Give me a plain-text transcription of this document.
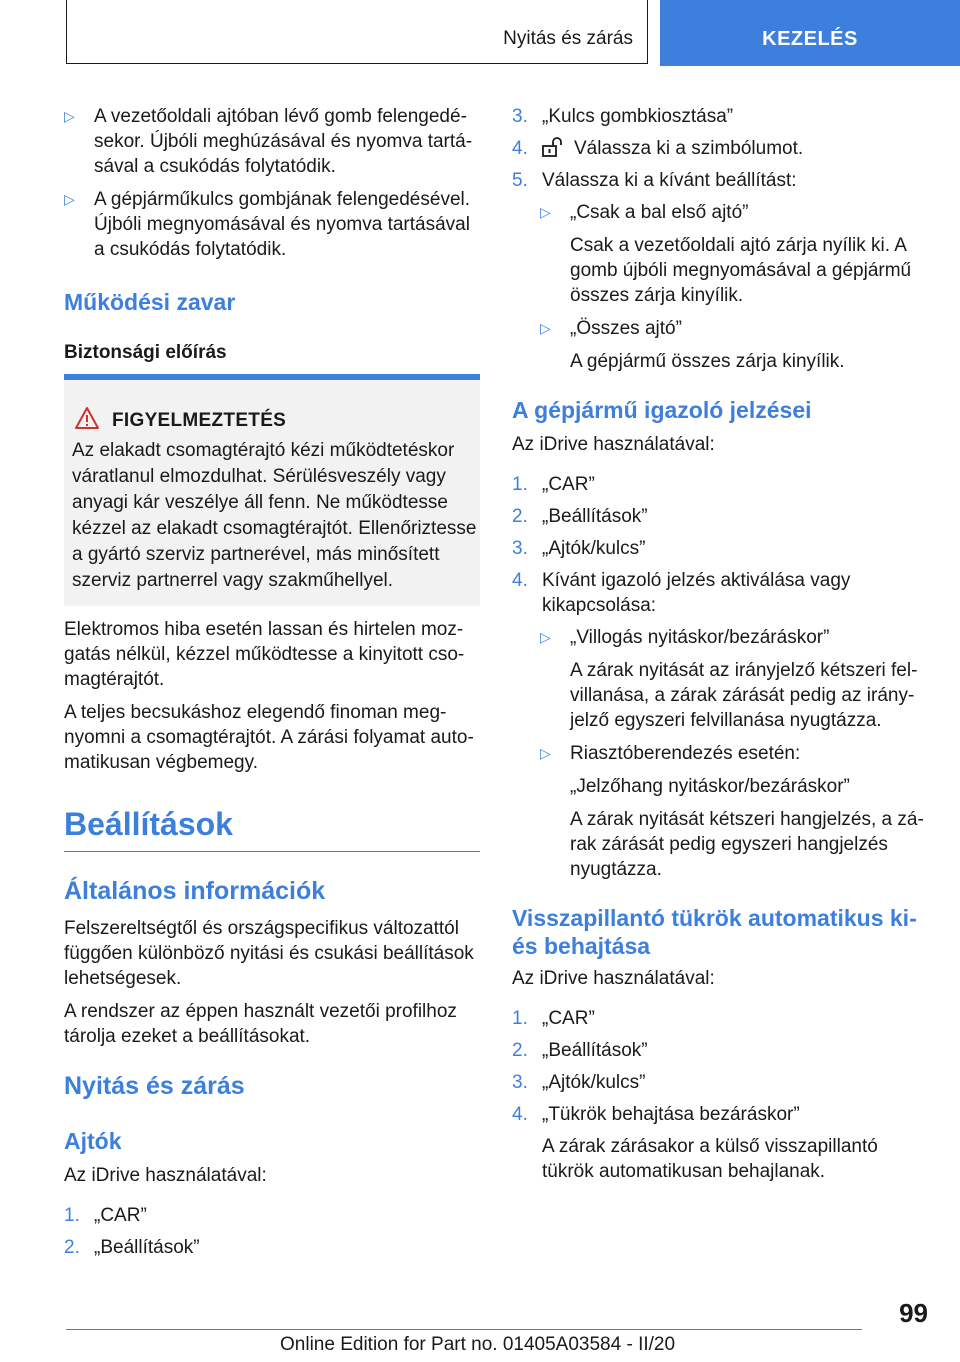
Nyitás és zárás	KEZELÉS
▷ A vezetőoldali ajtóban lévő gomb felengedésekor. Újbóli meghúzásával és nyomva tartásával a csukódás folytatódik.
▷ A gépjárműkulcs gombjának felengedésével. Újbóli megnyomásával és nyomva tartásával a csukódás folytatódik.
Működési zavar
Biztonsági előírás
FIGYELMEZTETÉS

Az elakadt csomagtérajtó kézi működtetéskor váratlanul elmozdulhat. Sérülésveszély vagy anyagi kár veszélye áll fenn. Ne működtesse kézzel az elakadt csomagtérajtót. Ellenőriztesse a gyártó szerviz partnerével, más minősített szerviz partnerrel vagy szakműhellyel.

Elektromos hiba esetén lassan és hirtelen mozgatás nélkül, kézzel működtesse a kinyitott csomagtérajtót.

A teljes becsukáshoz elegendő finoman megnyomni a csomagtérajtót. A zárási folyamat automatikusan végbemegy.

Beállítások
Általános információk

Felszereltségtől és országspecifikus változattól függően különböző nyitási és csukási beállítások lehetségesek.

A rendszer az éppen használt vezetői profilhoz tárolja ezeket a beállításokat.

Nyitás és zárás
Ajtók

Az iDrive használatával:

1. „CAR”
2. „Beállítások”
3. „Kulcs gombkiosztása”
4. Válassza ki a szimbólumot.
5. Válassza ki a kívánt beállítást:
▷ „Csak a bal első ajtó”
Csak a vezetőoldali ajtó zárja nyílik ki. A gomb újbóli megnyomásával a gépjármű összes zárja kinyílik.
▷ „Összes ajtó”
A gépjármű összes zárja kinyílik.
A gépjármű igazoló jelzései

Az iDrive használatával:

1. „CAR”
2. „Beállítások”
3. „Ajtók/kulcs”
4. Kívánt igazoló jelzés aktiválása vagy kikapcsolása:
▷ „Villogás nyitáskor/bezáráskor”
A zárak nyitását az irányjelző kétszeri felvillanása, a zárak zárását pedig az irányjelző egyszeri felvillanása nyugtázza.
▷ Riasztóberendezés esetén:
„Jelzőhang nyitáskor/bezáráskor”
A zárak nyitását kétszeri hangjelzés, a zárak zárását pedig egyszeri hangjelzés nyugtázza.
Visszapillantó tükrök automatikus ki- és behajtása

Az iDrive használatával:

1. „CAR”
2. „Beállítások”
3. „Ajtók/kulcs”
4. „Tükrök behajtása bezáráskor”

A zárak zárásakor a külső visszapillantó tükrök automatikusan behajlanak.

99
Online Edition for Part no. 01405A03584 - II/20
